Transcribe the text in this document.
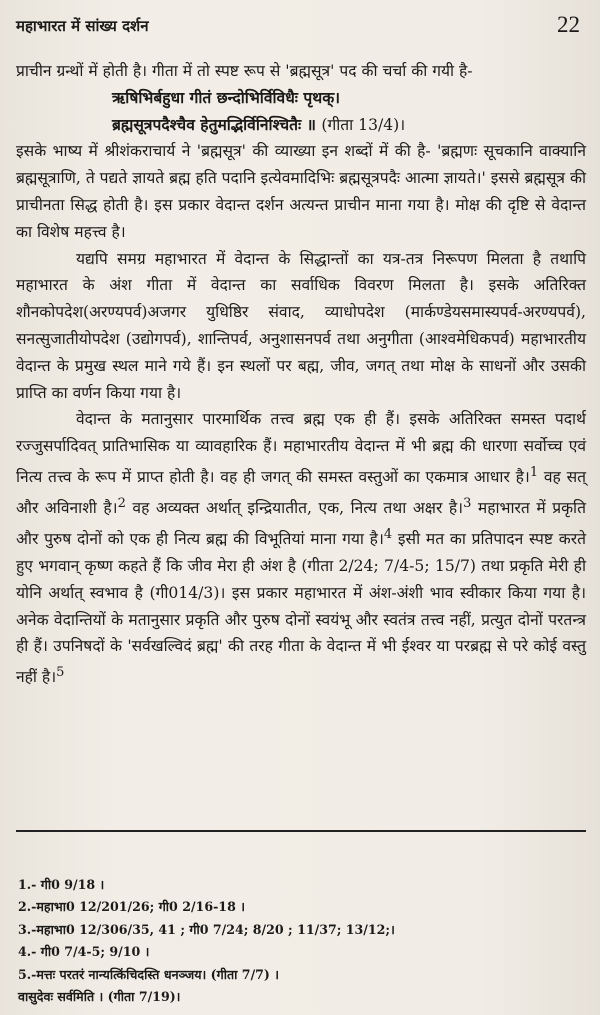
महाभारत में सांख्य दर्शन	22

प्राचीन ग्रन्थों में होती है। गीता में तो स्पष्ट रूप से 'ब्रह्मसूत्र' पद की चर्चा की गयी है-

ऋषिभिर्बहुधा गीतं छन्दोभिर्विविधैः पृथक्।

ब्रह्मसूत्रपदैश्चैव हेतुमद्भिर्विनिश्चितैः ॥ (गीता 13/4)।

इसके भाष्य में श्रीशंकराचार्य ने 'ब्रह्मसूत्र' की व्याख्या इन शब्दों में की है- 'ब्रह्मणः सूचकानि वाक्यानि ब्रह्मसूत्राणि, ते पद्यते ज्ञायते ब्रह्म हति पदानि इत्येवमादिभिः ब्रह्मसूत्रपदैः आत्मा ज्ञायते।' इससे ब्रह्मसूत्र की प्राचीनता सिद्ध होती है। इस प्रकार वेदान्त दर्शन अत्यन्त प्राचीन माना गया है। मोक्ष की दृष्टि से वेदान्त का विशेष महत्त्व है।

यद्यपि समग्र महाभारत में वेदान्त के सिद्धान्तों का यत्र-तत्र निरूपण मिलता है तथापि महाभारत के अंश गीता में वेदान्त का सर्वाधिक विवरण मिलता है। इसके अतिरिक्त शौनकोपदेश(अरण्यपर्व)अजगर युधिष्ठिर संवाद, व्याधोपदेश (मार्कण्डेयसमास्यपर्व-अरण्यपर्व), सनत्सुजातीयोपदेश (उद्योगपर्व), शान्तिपर्व, अनुशासनपर्व तथा अनुगीता (आश्वमेधिकपर्व) महाभारतीय वेदान्त के प्रमुख स्थल माने गये हैं। इन स्थलों पर बह्म, जीव, जगत् तथा मोक्ष के साधनों और उसकी प्राप्ति का वर्णन किया गया है।

वेदान्त के मतानुसार पारमार्थिक तत्त्व ब्रह्म एक ही हैं। इसके अतिरिक्त समस्त पदार्थ रज्जुसर्पादिवत् प्रातिभासिक या व्यावहारिक हैं। महाभारतीय वेदान्त में भी ब्रह्म की धारणा सर्वोच्च एवं नित्य तत्त्व के रूप में प्राप्त होती है। वह ही जगत् की समस्त वस्तुओं का एकमात्र आधार है।$^1$ वह सत् और अविनाशी है।$^2$ वह अव्यक्त अर्थात् इन्द्रियातीत, एक, नित्य तथा अक्षर है।$^3$ महाभारत में प्रकृति और पुरुष दोनों को एक ही नित्य ब्रह्म की विभूतियां माना गया है।$^4$ इसी मत का प्रतिपादन स्पष्ट करते हुए भगवान् कृष्ण कहते हैं कि जीव मेरा ही अंश है (गीता 2/24; 7/4-5; 15/7) तथा प्रकृति मेरी ही योनि अर्थात् स्वभाव है (गी014/3)। इस प्रकार महाभारत में अंश-अंशी भाव स्वीकार किया गया है। अनेक वेदान्तियों के मतानुसार प्रकृति और पुरुष दोनों स्वयंभू और स्वतंत्र तत्त्व नहीं, प्रत्युत दोनों परतन्त्र ही हैं। उपनिषदों के 'सर्वखल्विदं ब्रह्म' की तरह गीता के वेदान्त में भी ईश्वर या परब्रह्म से परे कोई वस्तु नहीं है।$^5$

1.- गी0 9/18 ।
2.-महाभा0 12/201/26; गी0 2/16-18 ।
3.-महाभा0 12/306/35, 41 ; गी0 7/24; 8/20 ; 11/37; 13/12;।
4.- गी0 7/4-5; 9/10 ।
5.-मत्तः परतरं नान्यत्किंचिदस्ति धनञ्जय। (गीता 7/7) ।
वासुदेवः सर्वमिति । (गीता 7/19)।
